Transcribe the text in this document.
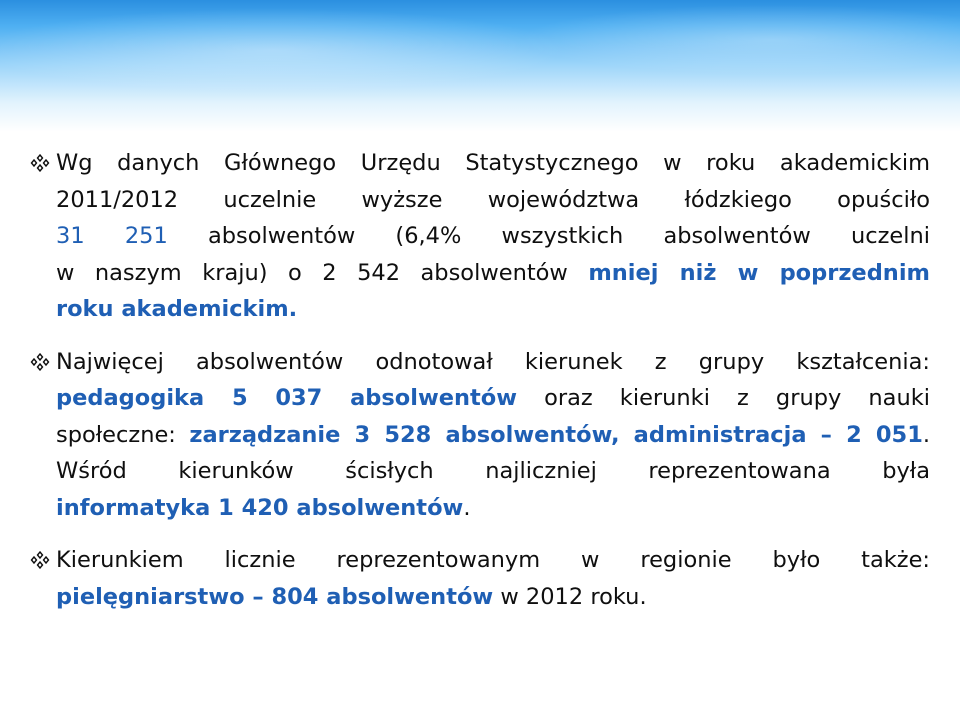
Wg danych Głównego Urzędu Statystycznego w roku akademickim
2011/2012 uczelnie wyższe województwa łódzkiego opuściło
31 251 absolwentów (6,4% wszystkich absolwentów uczelni
w naszym kraju) o 2 542 absolwentów mniej niż w poprzednim
roku akademickim.
Najwięcej absolwentów odnotował kierunek z grupy kształcenia:
pedagogika 5 037 absolwentów oraz kierunki z grupy nauki
społeczne: zarządzanie 3 528 absolwentów, administracja – 2 051.
Wśród kierunków ścisłych najliczniej reprezentowana była
informatyka 1 420 absolwentów.
Kierunkiem licznie reprezentowanym w regionie było także:
pielęgniarstwo – 804 absolwentów w 2012 roku.
